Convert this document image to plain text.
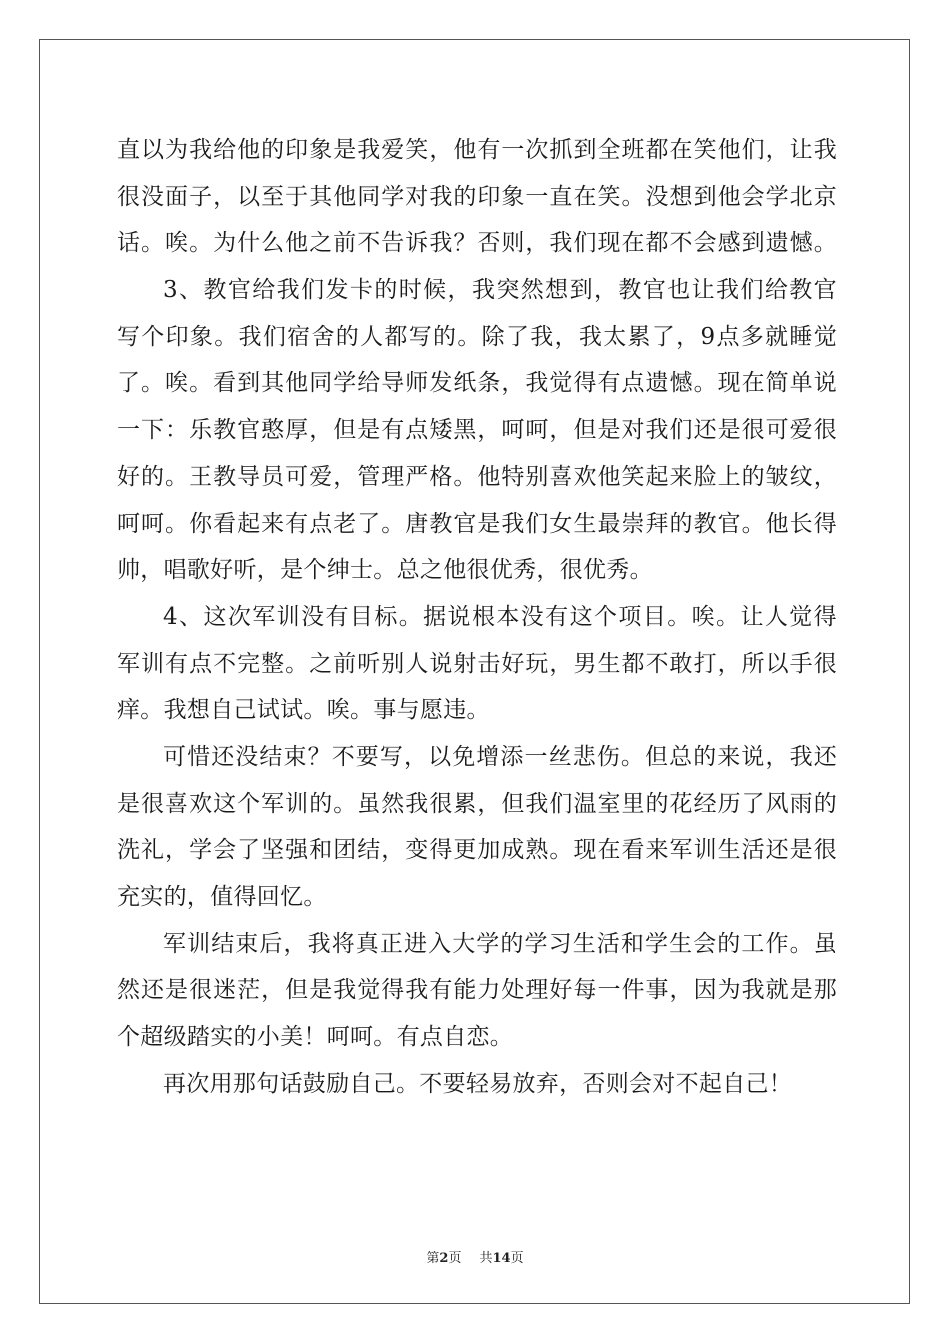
直以为我给他的印象是我爱笑，他有一次抓到全班都在笑他们，让我
很没面子，以至于其他同学对我的印象一直在笑。没想到他会学北京
话。唉。为什么他之前不告诉我？否则，我们现在都不会感到遗憾。
3、教官给我们发卡的时候，我突然想到，教官也让我们给教官
写个印象。我们宿舍的人都写的。除了我，我太累了，9点多就睡觉
了。唉。看到其他同学给导师发纸条，我觉得有点遗憾。现在简单说
一下：乐教官憨厚，但是有点矮黑，呵呵，但是对我们还是很可爱很
好的。王教导员可爱，管理严格。他特别喜欢他笑起来脸上的皱纹，
呵呵。你看起来有点老了。唐教官是我们女生最崇拜的教官。他长得
帅，唱歌好听，是个绅士。总之他很优秀，很优秀。
4、这次军训没有目标。据说根本没有这个项目。唉。让人觉得
军训有点不完整。之前听别人说射击好玩，男生都不敢打，所以手很
痒。我想自己试试。唉。事与愿违。
可惜还没结束？不要写，以免增添一丝悲伤。但总的来说，我还
是很喜欢这个军训的。虽然我很累，但我们温室里的花经历了风雨的
洗礼，学会了坚强和团结，变得更加成熟。现在看来军训生活还是很
充实的，值得回忆。
军训结束后，我将真正进入大学的学习生活和学生会的工作。虽
然还是很迷茫，但是我觉得我有能力处理好每一件事，因为我就是那
个超级踏实的小美！呵呵。有点自恋。
再次用那句话鼓励自己。不要轻易放弃，否则会对不起自己！
第2页 共14页
